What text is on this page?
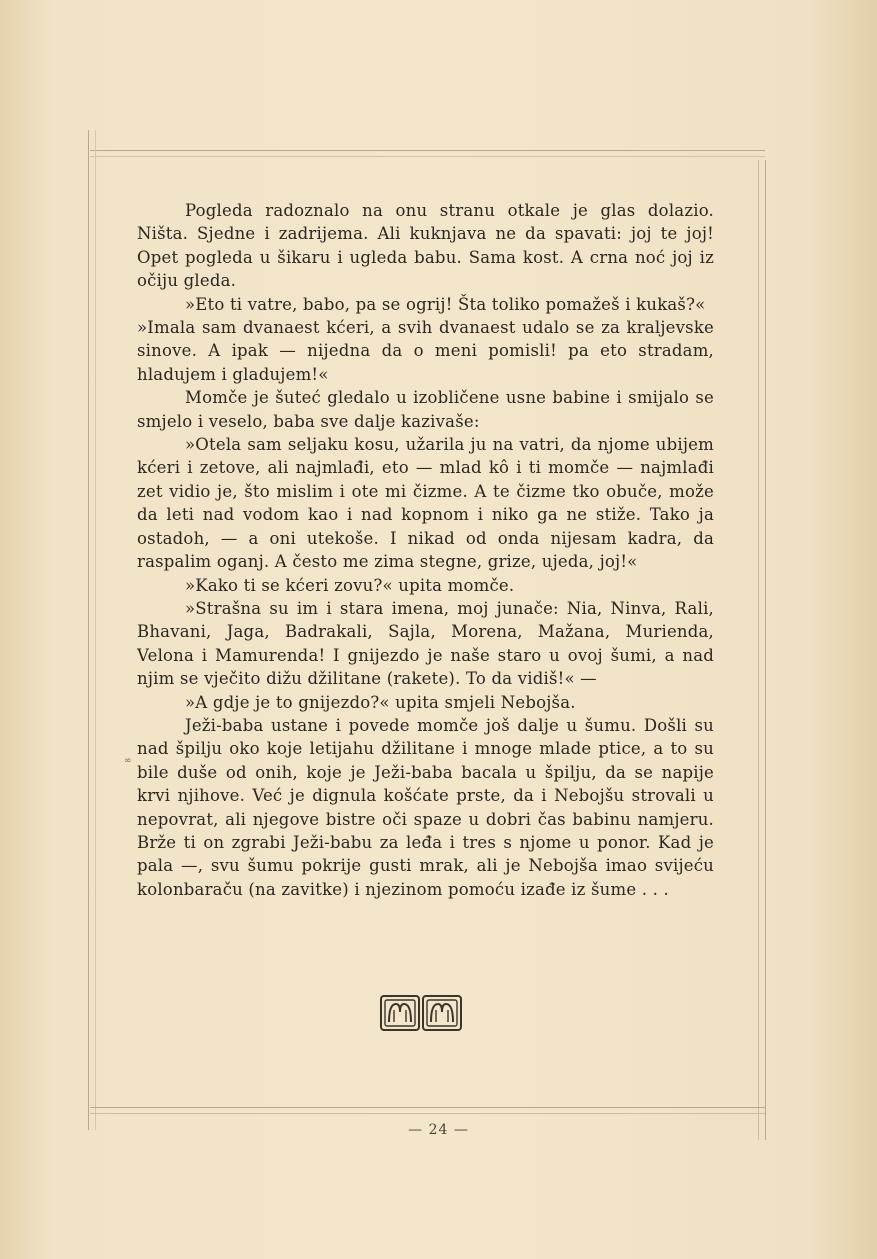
Pogleda radoznalo na onu stranu otkale je glas dolazio. Ništa. Sjedne i zadrijema. Ali kuknjava ne da spavati: joj te joj! Opet pogleda u šikaru i ugleda babu. Sama kost. A crna noć joj iz očiju gleda.

»Eto ti vatre, babo, pa se ogrij! Šta toliko pomažeš i kukaš?«

»Imala sam dvanaest kćeri, a svih dvanaest udalo se za kraljevske sinove. A ipak — nijedna da o meni pomisli! pa eto stradam, hladujem i gladujem!«

Momče je šuteć gledalo u izobličene usne babine i smijalo se smjelo i veselo, baba sve dalje kazivaše:

»Otela sam seljaku kosu, užarila ju na vatri, da njome ubijem kćeri i zetove, ali najmlađi, eto — mlad kô i ti momče — najmlađi zet vidio je, što mislim i ote mi čizme. A te čizme tko obuče, može da leti nad vodom kao i nad kopnom i niko ga ne stiže. Tako ja ostadoh, — a oni utekoše. I nikad od onda nijesam kadra, da raspalim oganj. A često me zima stegne, grize, ujeda, joj!«

»Kako ti se kćeri zovu?« upita momče.

»Strašna su im i stara imena, moj junače: Nia, Ninva, Rali, Bhavani, Jaga, Badrakali, Sajla, Morena, Mažana, Murienda, Velona i Mamurenda! I gnijezdo je naše staro u ovoj šumi, a nad njim se vječito dižu džilitane (rakete). To da vidiš!« —

»A gdje je to gnijezdo?« upita smjeli Nebojša.

Ježi-baba ustane i povede momče još dalje u šumu. Došli su nad špilju oko koje letijahu džilitane i mnoge mlade ptice, a to su bile duše od onih, koje je Ježi-baba bacala u špilju, da se napije krvi njihove. Već je dignula košćate prste, da i Nebojšu strovali u nepovrat, ali njegove bistre oči spaze u dobri čas babinu namjeru. Brže ti on zgrabi Ježi-babu za leđa i tres s njome u ponor. Kad je pala —, svu šumu pokrije gusti mrak, ali je Nebojša imao svijeću kolonbaraču (na zavitke) i njezinom pomoću izađe iz šume . . .

∞
— 24 —
